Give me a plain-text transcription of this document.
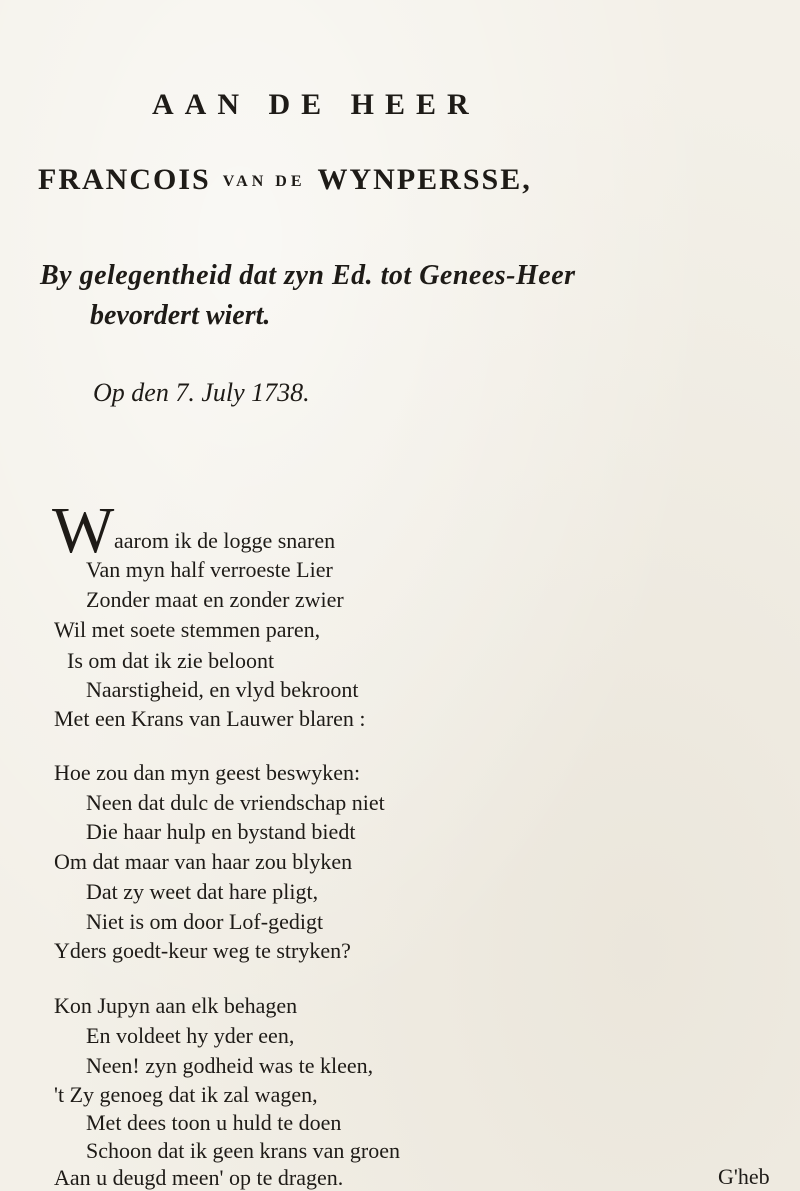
AAN DE HEER
FRANCOIS VAN DE WYNPERSSE,
By gelegentheid dat zyn Ed. tot Genees-Heer
bevordert wiert.
Op den 7. July 1738.
W aarom ik de logge snaren
Van myn half verroeste Lier
Zonder maat en zonder zwier
Wil met soete stemmen paren,
Is om dat ik zie beloont
Naarstigheid, en vlyd bekroont
Met een Krans van Lauwer blaren :
Hoe zou dan myn geest beswyken:
Neen dat dulc de vriendschap niet
Die haar hulp en bystand biedt
Om dat maar van haar zou blyken
Dat zy weet dat hare pligt,
Niet is om door Lof-gedigt
Yders goedt-keur weg te stryken?
Kon Jupyn aan elk behagen
En voldeet hy yder een,
Neen! zyn godheid was te kleen,
't Zy genoeg dat ik zal wagen,
Met dees toon u huld te doen
Schoon dat ik geen krans van groen
Aan u deugd meen' op te dragen.	G'heb
